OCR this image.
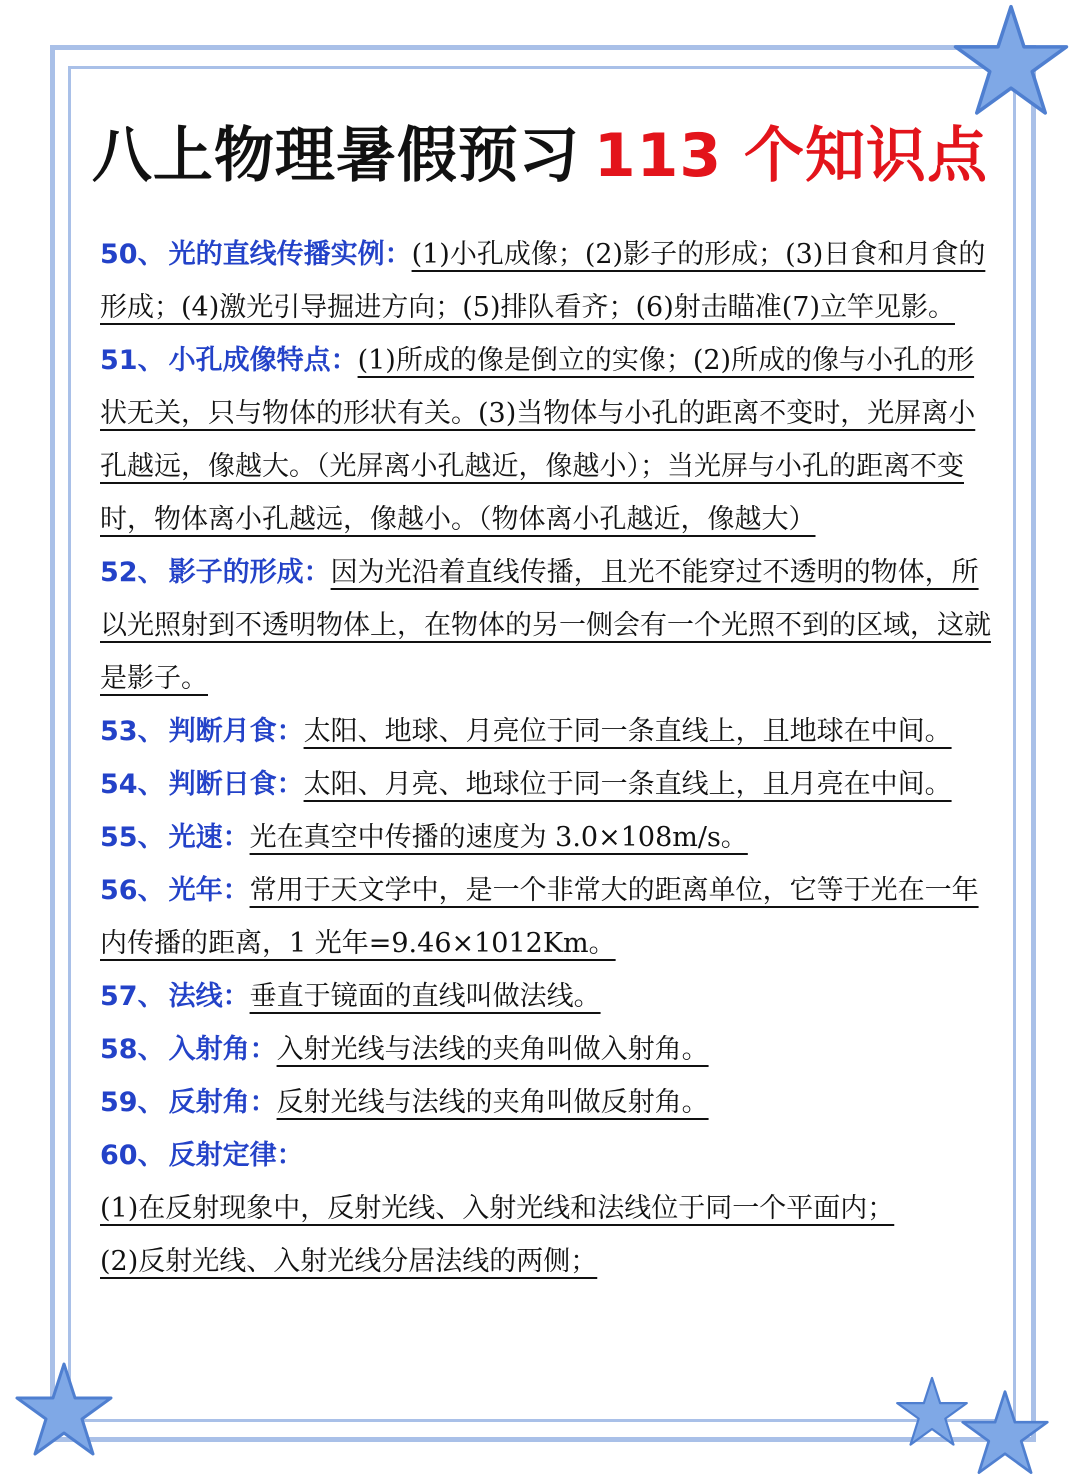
八上物理暑假预习 113 个知识点

50、 光的直线传播实例：(1)小孔成像；(2)影子的形成；(3)日食和月食的形成；(4)激光引导掘进方向；(5)排队看齐；(6)射击瞄准(7)立竿见影。

51、 小孔成像特点：(1)所成的像是倒立的实像；(2)所成的像与小孔的形状无关，只与物体的形状有关。(3)当物体与小孔的距离不变时，光屏离小孔越远，像越大。（光屏离小孔越近，像越小）；当光屏与小孔的距离不变时，物体离小孔越远，像越小。（物体离小孔越近，像越大）

52、 影子的形成：因为光沿着直线传播，且光不能穿过不透明的物体，所以光照射到不透明物体上，在物体的另一侧会有一个光照不到的区域，这就是影子。

53、 判断月食：太阳、地球、月亮位于同一条直线上，且地球在中间。

54、 判断日食：太阳、月亮、地球位于同一条直线上，且月亮在中间。

55、 光速：光在真空中传播的速度为 3.0×108m/s。

56、 光年：常用于天文学中，是一个非常大的距离单位，它等于光在一年内传播的距离，1 光年=9.46×1012Km。

57、 法线：垂直于镜面的直线叫做法线。

58、 入射角：入射光线与法线的夹角叫做入射角。

59、 反射角：反射光线与法线的夹角叫做反射角。

60、 反射定律：

(1)在反射现象中，反射光线、入射光线和法线位于同一个平面内；

(2)反射光线、入射光线分居法线的两侧；
